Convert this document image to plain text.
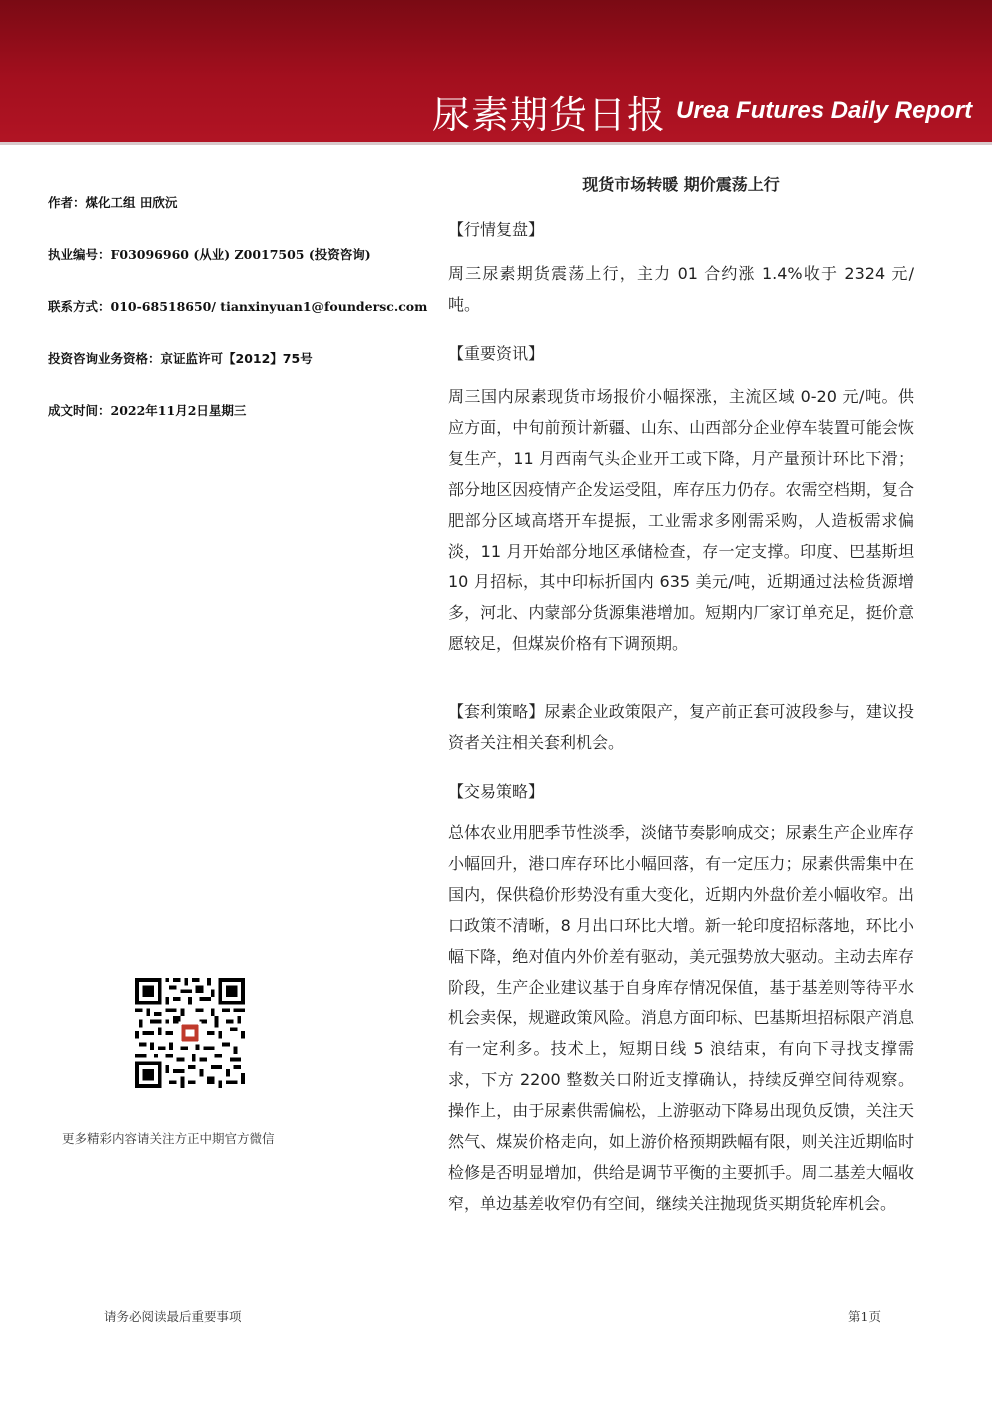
尿素期货日报 Urea Futures Daily Report
作者：煤化工组 田欣沅
执业编号：F03096960 (从业) Z0017505 (投资咨询)
联系方式：010-68518650/ tianxinyuan1@foundersc.com
投资咨询业务资格：京证监许可【2012】75号
成文时间：2022年11月2日星期三
现货市场转暖 期价震荡上行
【行情复盘】

周三尿素期货震荡上行，主力 01 合约涨 1.4%收于 2324 元/吨。

【重要资讯】

周三国内尿素现货市场报价小幅探涨，主流区域 0-20 元/吨。供应方面，中旬前预计新疆、山东、山西部分企业停车装置可能会恢复生产，11 月西南气头企业开工或下降，月产量预计环比下滑；部分地区因疫情产企发运受阻，库存压力仍存。农需空档期，复合肥部分区域高塔开车提振，工业需求多刚需采购，人造板需求偏淡，11 月开始部分地区承储检查，存一定支撑。印度、巴基斯坦 10 月招标，其中印标折国内 635 美元/吨，近期通过法检货源增多，河北、内蒙部分货源集港增加。短期内厂家订单充足，挺价意愿较足，但煤炭价格有下调预期。

【套利策略】尿素企业政策限产，复产前正套可波段参与，建议投资者关注相关套利机会。

【交易策略】

总体农业用肥季节性淡季，淡储节奏影响成交；尿素生产企业库存小幅回升，港口库存环比小幅回落，有一定压力；尿素供需集中在国内，保供稳价形势没有重大变化，近期内外盘价差小幅收窄。出口政策不清晰，8 月出口环比大增。新一轮印度招标落地，环比小幅下降，绝对值内外价差有驱动，美元强势放大驱动。主动去库存阶段，生产企业建议基于自身库存情况保值，基于基差则等待平水机会卖保，规避政策风险。消息方面印标、巴基斯坦招标限产消息有一定利多。技术上，短期日线 5 浪结束，有向下寻找支撑需求，下方 2200 整数关口附近支撑确认，持续反弹空间待观察。操作上，由于尿素供需偏松，上游驱动下降易出现负反馈，关注天然气、煤炭价格走向，如上游价格预期跌幅有限，则关注近期临时检修是否明显增加，供给是调节平衡的主要抓手。周二基差大幅收窄，单边基差收窄仍有空间，继续关注抛现货买期货轮库机会。

更多精彩内容请关注方正中期官方微信
请务必阅读最后重要事项	第1页
